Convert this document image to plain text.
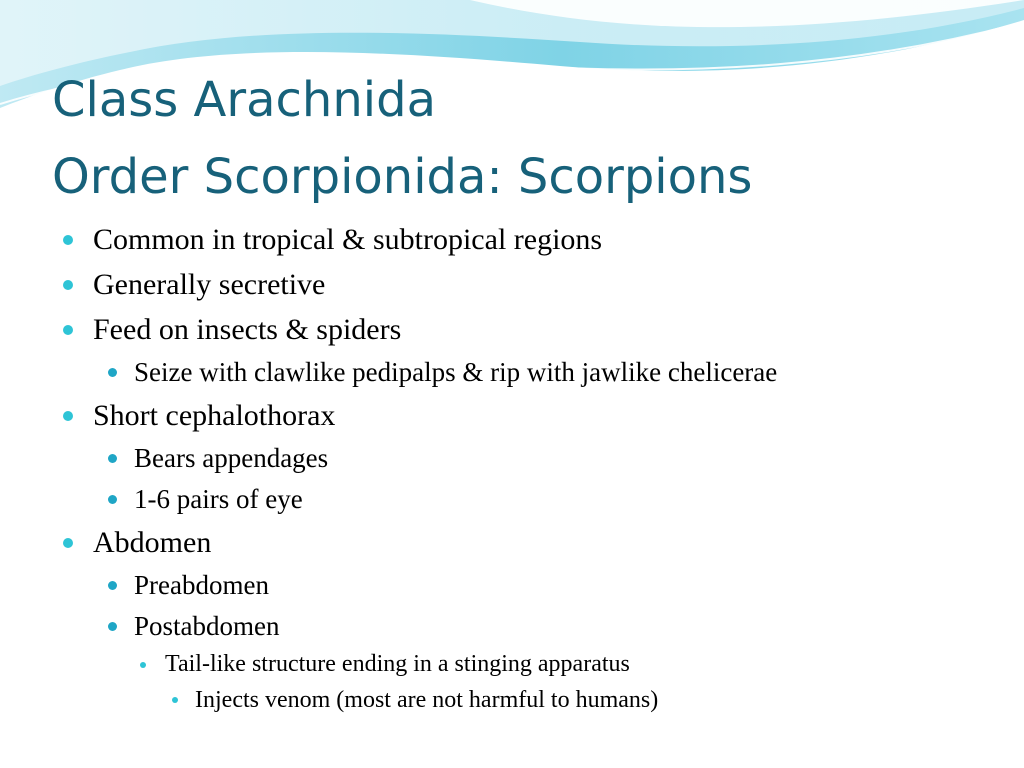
Class Arachnida
Order Scorpionida: Scorpions
Common in tropical & subtropical regions
Generally secretive
Feed on insects & spiders
Seize with clawlike pedipalps & rip with jawlike chelicerae
Short cephalothorax
Bears appendages
1-6 pairs of eye
Abdomen
Preabdomen
Postabdomen
Tail-like structure ending in a stinging apparatus
Injects venom (most are not harmful to humans)
